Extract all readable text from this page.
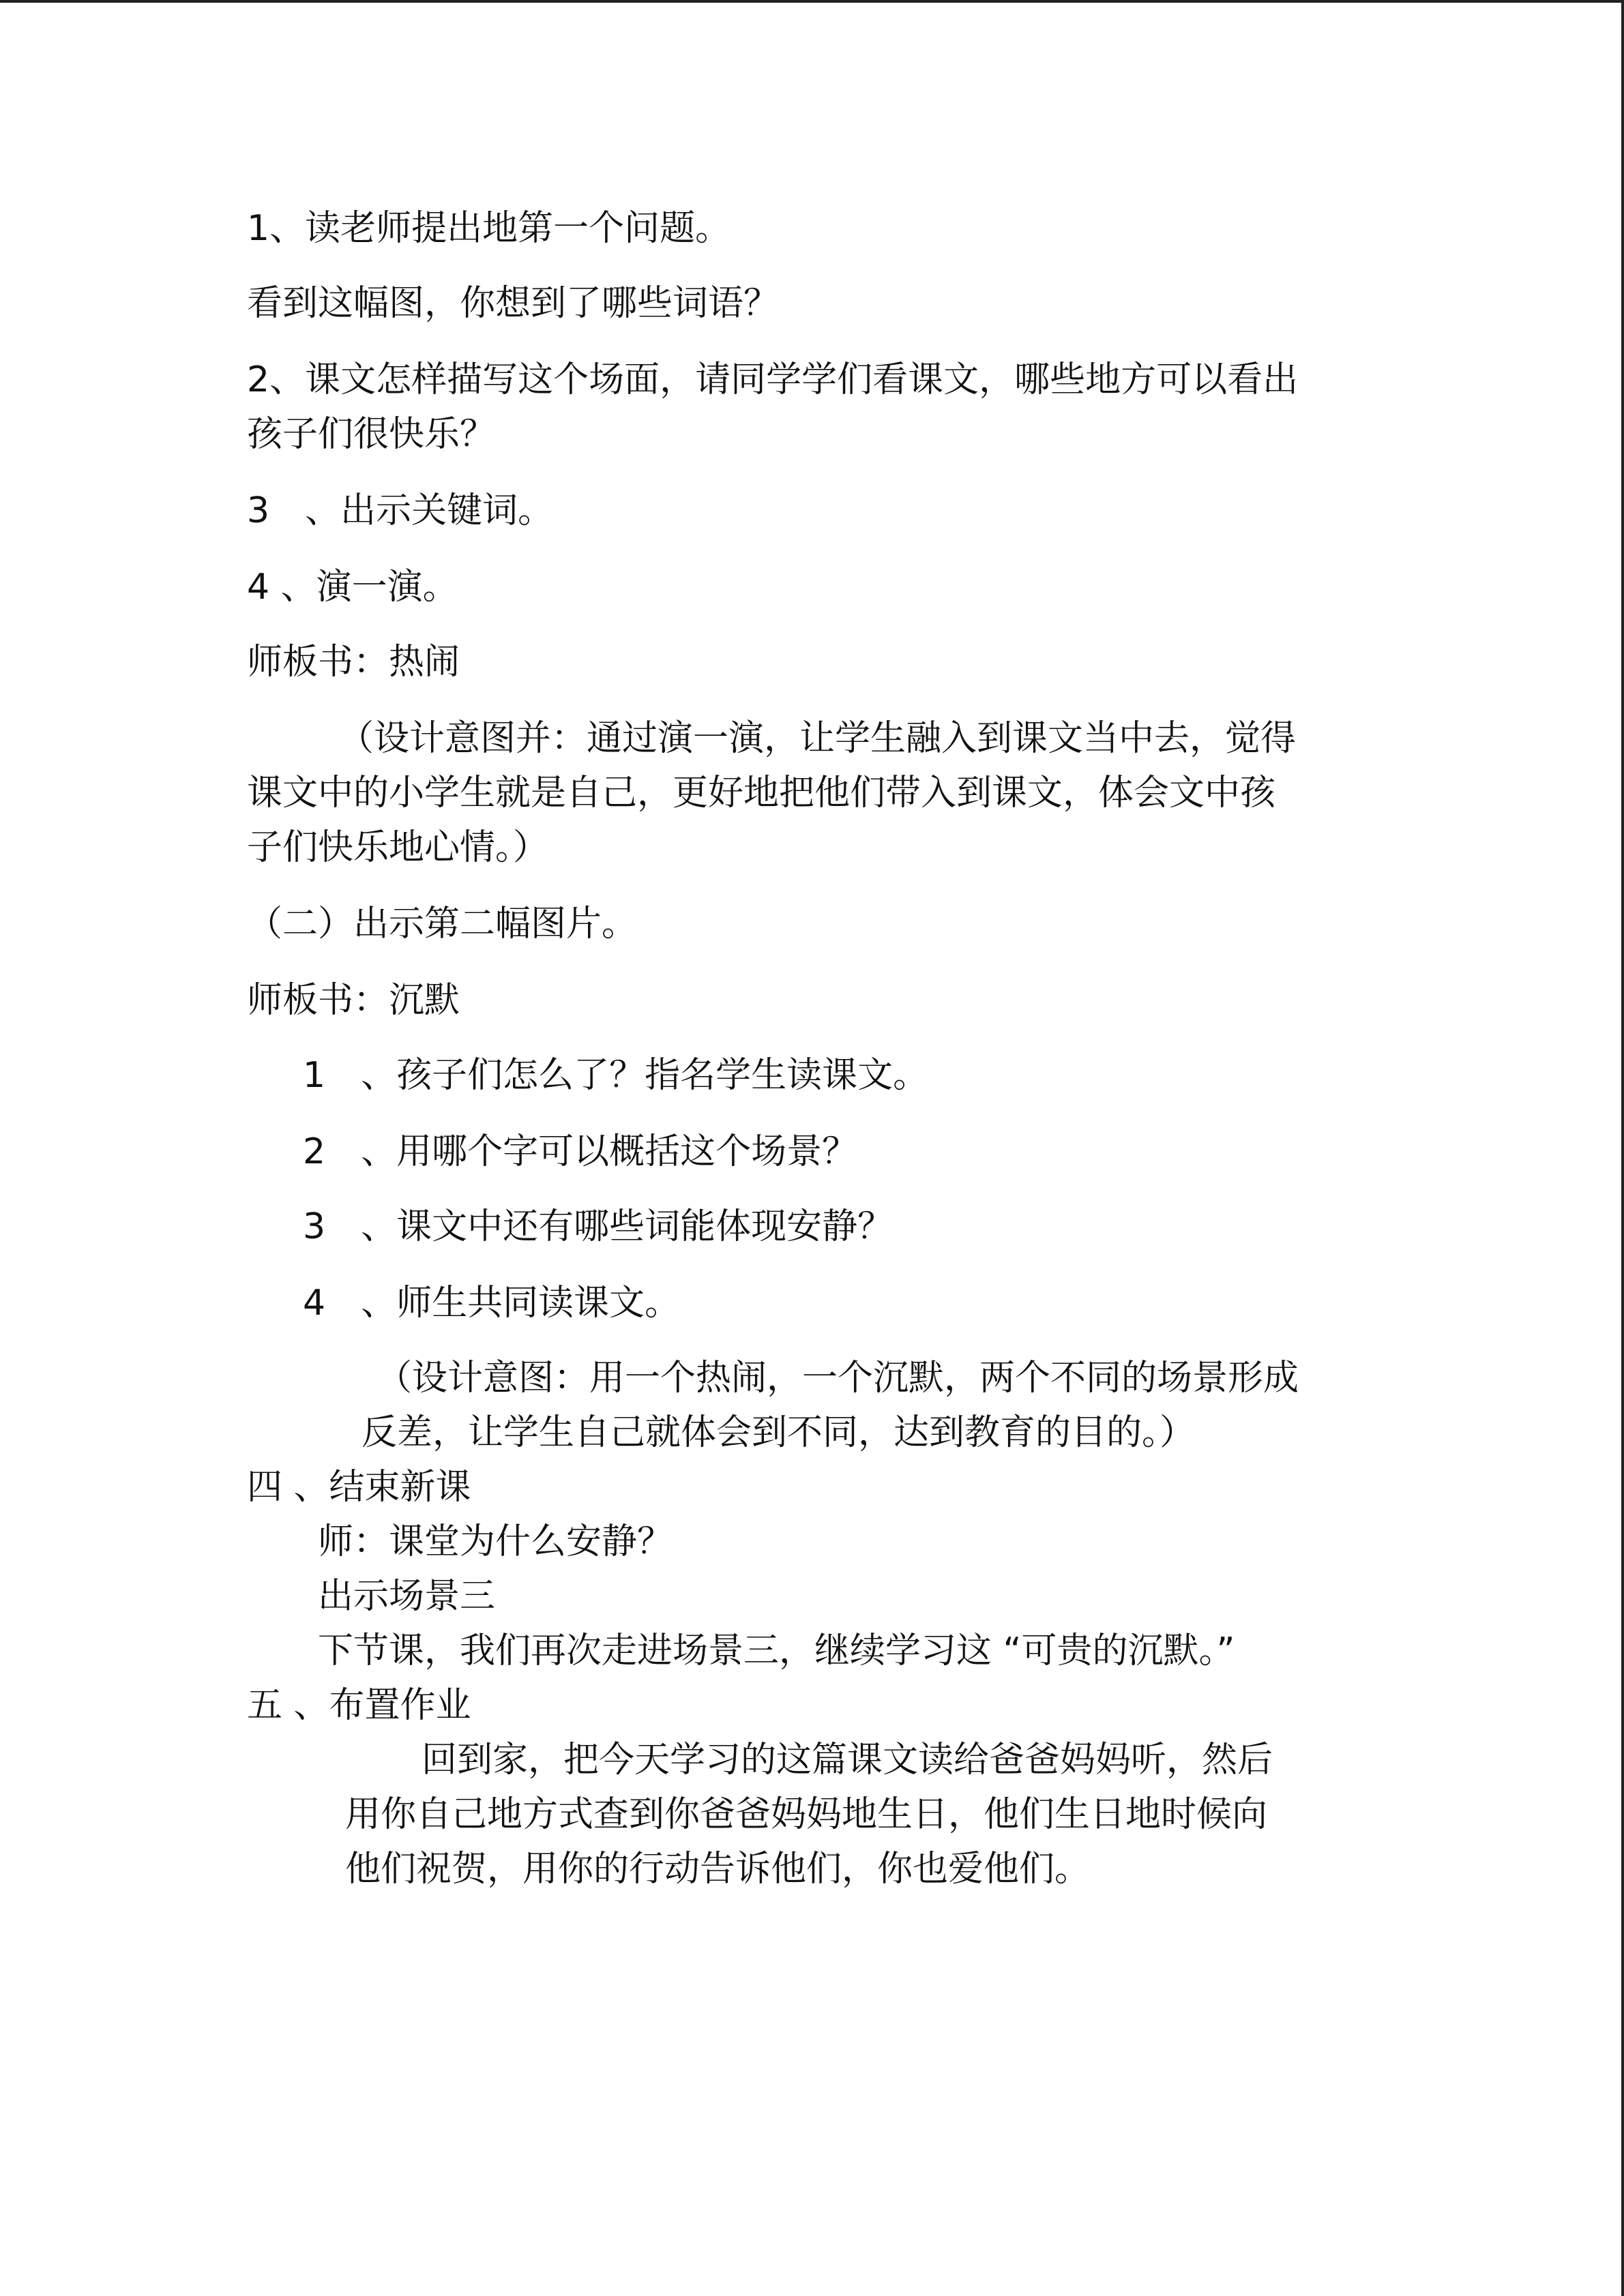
1、读老师提出地第一个问题。

看到这幅图，你想到了哪些词语？

2、课文怎样描写这个场面，请同学学们看课文，哪些地方可以看出

孩子们很快乐？

3　、出示关键词。

4 、演一演。

师板书：热闹

（设计意图并：通过演一演，让学生融入到课文当中去，觉得

课文中的小学生就是自己，更好地把他们带入到课文，体会文中孩

子们快乐地心情。）

（二）出示第二幅图片。

师板书：沉默

1　、孩子们怎么了？指名学生读课文。

2　、用哪个字可以概括这个场景？

3　、课文中还有哪些词能体现安静？

4　、师生共同读课文。

（设计意图：用一个热闹，一个沉默，两个不同的场景形成

反差，让学生自己就体会到不同，达到教育的目的。）

四 、结束新课

师：课堂为什么安静？

出示场景三

下节课，我们再次走进场景三，继续学习这 “可贵的沉默。”

五 、布置作业

回到家，把今天学习的这篇课文读给爸爸妈妈听，然后

用你自己地方式查到你爸爸妈妈地生日，他们生日地时候向

他们祝贺，用你的行动告诉他们，你也爱他们。
